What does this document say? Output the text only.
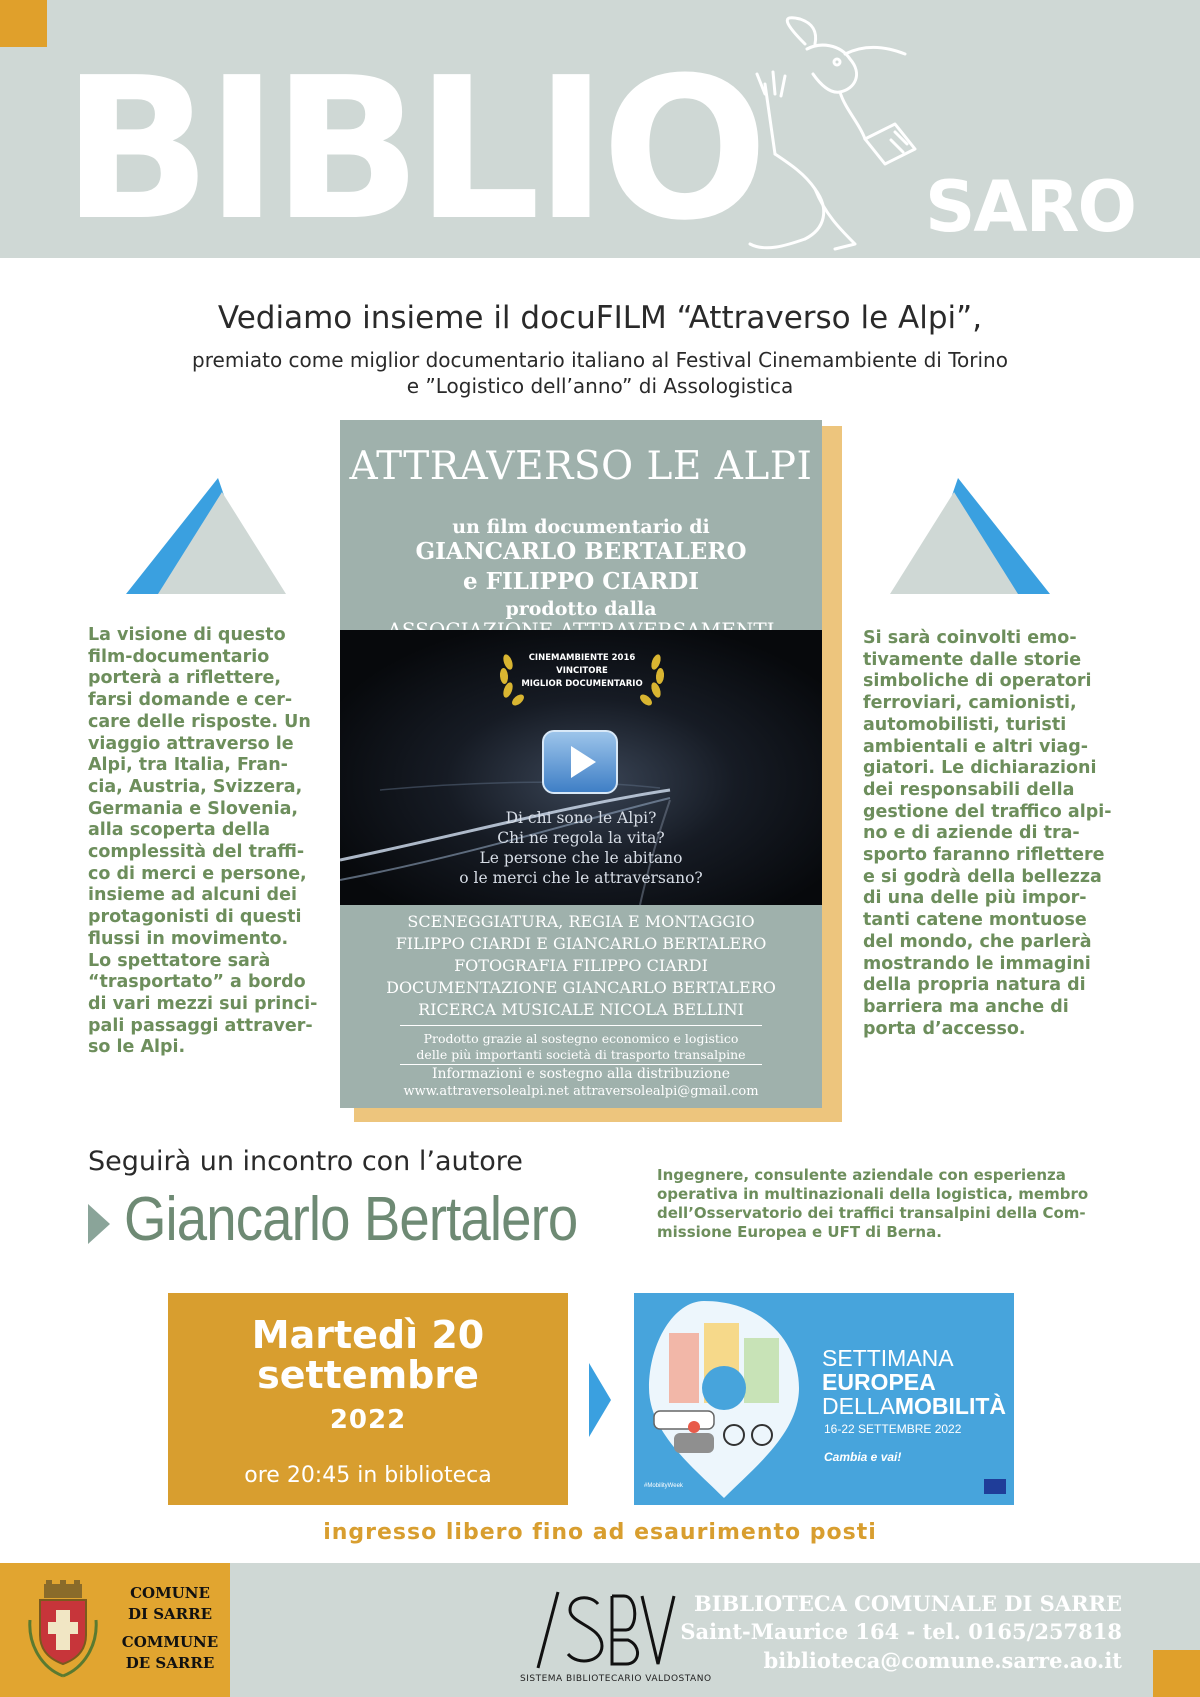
BIBLIO SARO
Vediamo insieme il docuFILM “Attraverso le Alpi”,
premiato come miglior documentario italiano al Festival Cinemambiente di Torino
e ”Logistico dell’anno” di Assologistica
ATTRAVERSO LE ALPI
un film documentario di
GIANCARLO BERTALERO
e FILIPPO CIARDI
prodotto dalla
CINEMAMBIENTE 2016
VINCITORE
MIGLIOR DOCUMENTARIO
Di chi sono le Alpi?
Chi ne regola la vita?
Le persone che le abitano
o le merci che le attraversano?
SCENEGGIATURA, REGIA E MONTAGGIO
FILIPPO CIARDI E GIANCARLO BERTALERO
FOTOGRAFIA FILIPPO CIARDI
DOCUMENTAZIONE GIANCARLO BERTALERO
RICERCA MUSICALE NICOLA BELLINI
Prodotto grazie al sostegno economico e logistico
delle più importanti società di trasporto transalpine
Informazioni e sostegno alla distribuzione
www.attraversolealpi.net attraversolealpi@gmail.com
La visione di questo
film-documentario
porterà a riflettere,
farsi domande e cer-
care delle risposte. Un
viaggio attraverso le
Alpi, tra Italia, Fran-
cia, Austria, Svizzera,
Germania e Slovenia,
alla scoperta della
complessità del traffi-
co di merci e persone,
insieme ad alcuni dei
protagonisti di questi
flussi in movimento.
Lo spettatore sarà
“trasportato” a bordo
di vari mezzi sui princi-
pali passaggi attraver-
so le Alpi.
Si sarà coinvolti emo-
tivamente dalle storie
simboliche di operatori
ferroviari, camionisti,
automobilisti, turisti
ambientali e altri viag-
giatori. Le dichiarazioni
dei responsabili della
gestione del traffico alpi-
no e di aziende di tra-
sporto faranno riflettere
e si godrà della bellezza
di una delle più impor-
tanti catene montuose
del mondo, che parlerà
mostrando le immagini
della propria natura di
barriera ma anche di
porta d’accesso.
Seguirà un incontro con l’autore
Giancarlo Bertalero
Ingegnere, consulente aziendale con esperienza
operativa in multinazionali della logistica, membro
dell’Osservatorio dei traffici transalpini della Com-
missione Europea e UFT di Berna.
Martedì 20
settembre
2022
ore 20:45 in biblioteca
SETTIMANA
EUROPEA
DELLAMOBILITÀ
16-22 SETTEMBRE 2022
Cambia e vai!
#MobilityWeek
ingresso libero fino ad esaurimento posti
COMUNE
DI SARRE
COMMUNE
DE SARRE
SISTEMA BIBLIOTECARIO VALDOSTANO
BIBLIOTECA COMUNALE DI SARRE
Saint-Maurice 164 - tel. 0165/257818
biblioteca@comune.sarre.ao.it
